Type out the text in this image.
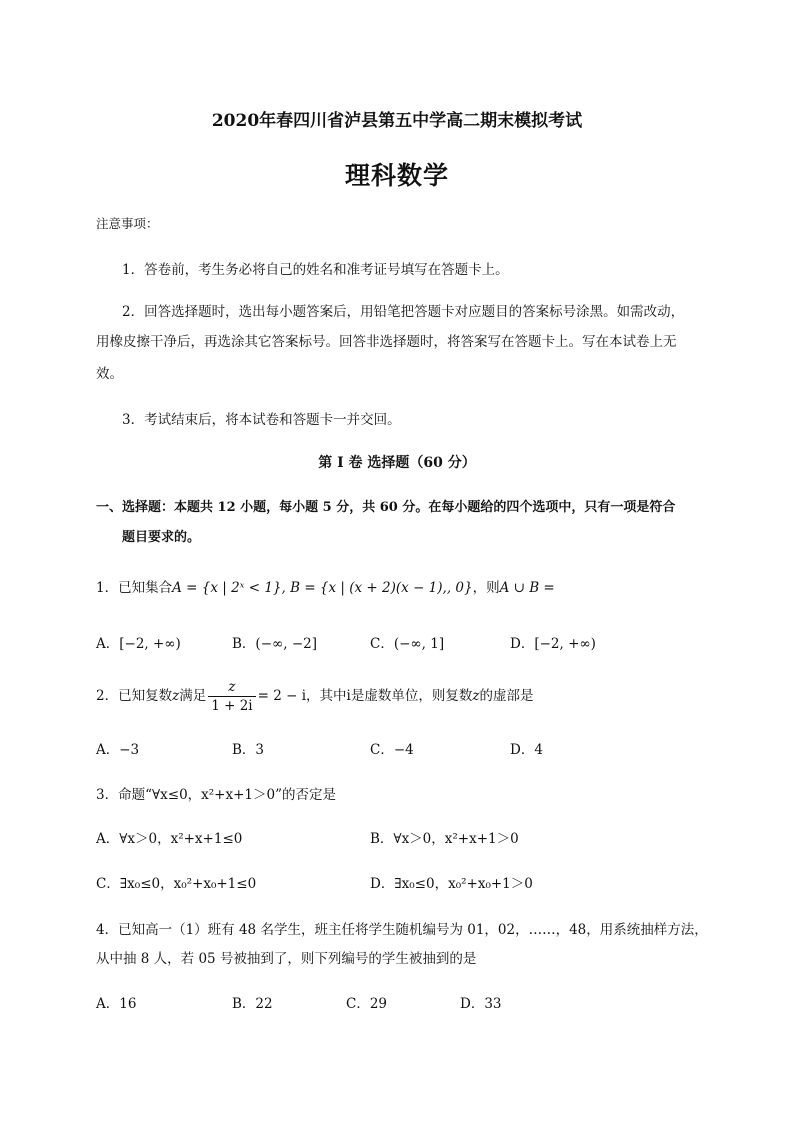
2020年春四川省泸县第五中学高二期末模拟考试
理科数学
注意事项：
1．答卷前，考生务必将自己的姓名和准考证号填写在答题卡上。
2．回答选择题时，选出每小题答案后，用铅笔把答题卡对应题目的答案标号涂黑。如需改动，
用橡皮擦干净后，再选涂其它答案标号。回答非选择题时，将答案写在答题卡上。写在本试卷上无
效。
3．考试结束后，将本试卷和答题卡一并交回。
第 I 卷 选择题（60 分）
一、选择题：本题共 12 小题，每小题 5 分，共 60 分。在每小题给的四个选项中，只有一项是符合
题目要求的。
1．已知集合A = {x | 2ˣ < 1}, B = {x | (x + 2)(x − 1),, 0}，则A ∪ B =
A．[−2, +∞)	B．(−∞, −2]	C．(−∞, 1]	D．[−2, +∞)
2．已知复数z满足 $\frac{z}{1 + 2i} = 2 - i$，其中i是虚数单位，则复数z的虚部是
A．−3	B．3	C．−4	D．4
3．命题“∀x≤0，x²+x+1＞0”的否定是
A．∀x＞0，x²+x+1≤0	B．∀x＞0，x²+x+1＞0
C．∃x₀≤0，x₀²+x₀+1≤0	D．∃x₀≤0，x₀²+x₀+1＞0
4．已知高一（1）班有 48 名学生，班主任将学生随机编号为 01，02，……，48，用系统抽样方法，
从中抽 8 人，若 05 号被抽到了，则下列编号的学生被抽到的是
A．16	B．22	C．29	D．33
